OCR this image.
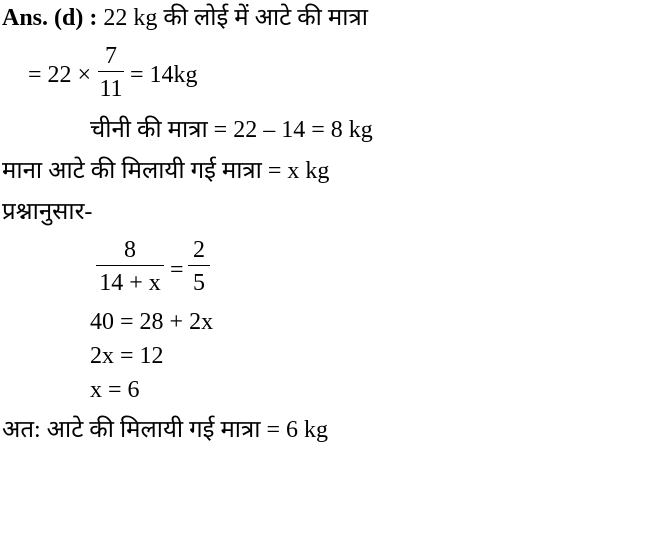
Ans. (d) : 22 kg की लोई में आटे की मात्रा
= 22 ×
7
11
= 14kg
चीनी की मात्रा = 22 – 14 = 8 kg
माना आटे की मिलायी गई मात्रा = x kg
प्रश्नानुसार-
8
14 + x =
2
5
40 = 28 + 2x
2x = 12
x = 6
अत: आटे की मिलायी गई मात्रा = 6 kg
